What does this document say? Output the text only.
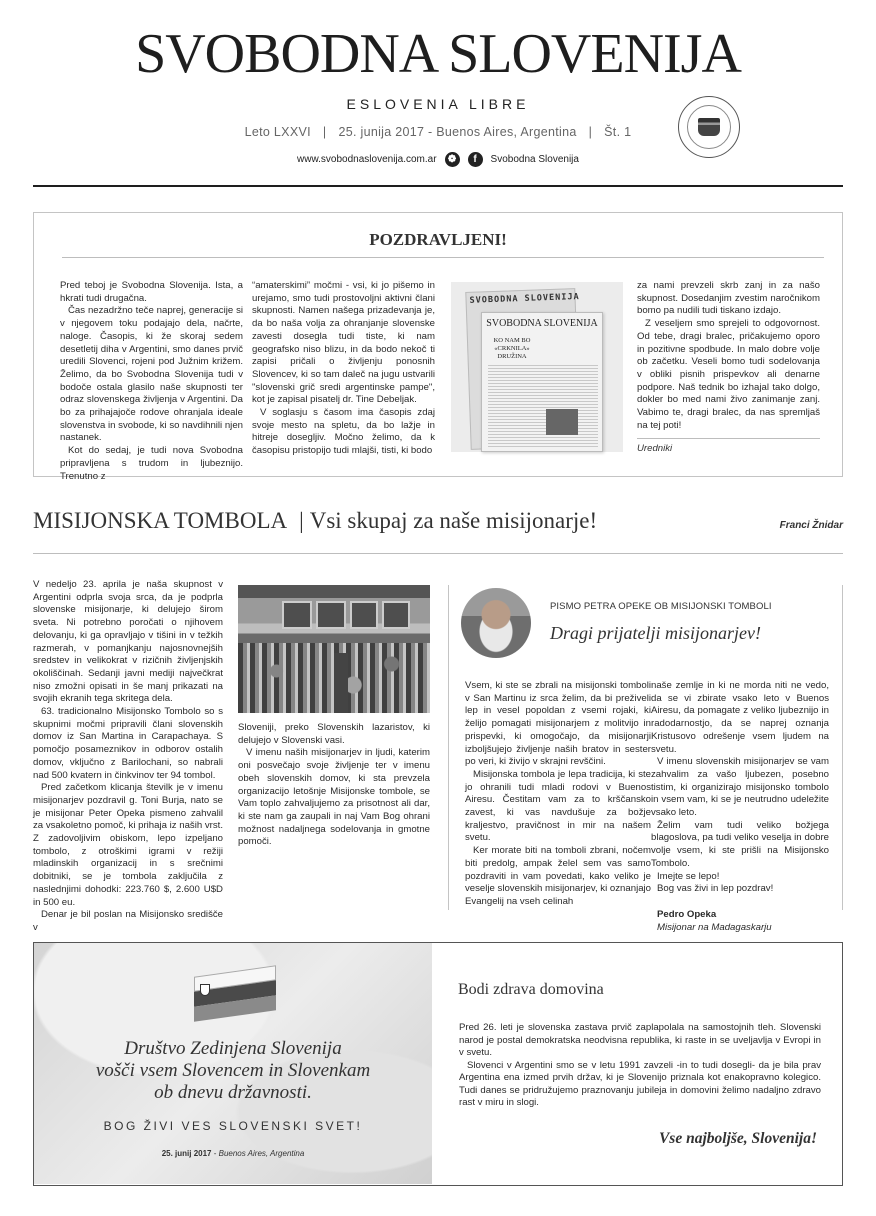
SVOBODNA SLOVENIJA
ESLOVENIA LIBRE
Leto LXXVI | 25. junija 2017 - Buenos Aires, Argentina | Št. 1
www.svobodnaslovenija.com.ar	❁	f	Svobodna Slovenija
POZDRAVLJENI!

Pred teboj je Svobodna Slovenija. Ista, a hkrati tudi drugačna.

Čas nezadržno teče naprej, generacije si v njegovem toku podajajo dela, načrte, naloge. Časopis, ki že skoraj sedem desetletij diha v Argentini, smo danes prvič uredili Slovenci, rojeni pod Južnim križem. Želimo, da bo Svobodna Slovenija tudi v bodoče ostala glasilo naše skupnosti ter odraz slovenskega življenja v Argentini. Da bo za prihajajoče rodove ohranjala ideale slovenstva in svobode, ki so navdihnili njen nastanek.

Kot do sedaj, je tudi nova Svobodna pripravljena s trudom in ljubeznijo. Trenutno z

“amaterskimi” močmi - vsi, ki jo pišemo in urejamo, smo tudi prostovoljni aktivni člani skupnosti. Namen našega prizadevanja je, da bo naša volja za ohranjanje slovenske zavesti dosegla tudi tiste, ki nam geografsko niso blizu, in da bodo nekoč ti zapisi pričali o življenju ponosnih Slovencev, ki so tam daleč na jugu ustvarili "slovenski grič sredi argentinske pampe", kot je zapisal pisatelj dr. Tine Debeljak.

V soglasju s časom ima časopis zdaj svoje mesto na spletu, da bo lažje in hitreje dosegljiv. Močno želimo, da k časopisu pristopijo tudi mlajši, tisti, ki bodo

SVOBODNA SLOVENIJA
SVOBODNA SLOVENIJA
KO NAM BO «CRKNILA» DRUŽINA

za nami prevzeli skrb zanj in za našo skupnost. Dosedanjim zvestim naročnikom bomo pa nudili tudi tiskano izdajo.

Z veseljem smo sprejeli to odgovornost. Od tebe, dragi bralec, pričakujemo oporo in pozitivne spodbude. In malo dobre volje ob začetku. Veseli bomo tudi sodelovanja v obliki pisnih prispevkov ali denarne podpore. Naš tednik bo izhajal tako dolgo, dokler bo med nami živo zanimanje zanj. Vabimo te, dragi bralec, da nas spremljaš na tej poti!

Uredniki
MISIJONSKA TOMBOLA | Vsi skupaj za naše misijonarje!	Franci Žnidar

V nedeljo 23. aprila je naša skupnost v Argentini odprla svoja srca, da je podprla slovenske misijonarje, ki delujejo širom sveta. Ni potrebno poročati o njihovem delovanju, ki ga opravljajo v tišini in v težkih razmerah, v pomanjkanju najosnovnejših sredstev in velikokrat v rizičnih življenjskih okoliščinah. Sedanji javni mediji največkrat niso zmožni opisati in še manj prikazati na svojih ekranih tega skritega dela.

63. tradicionalno Misijonsko Tombolo so s skupnimi močmi pripravili člani slovenskih domov iz San Martina in Carapachaya. S pomočjo posameznikov in odborov ostalih domov, vključno z Barilochani, so nabrali nad 500 kvatern in činkvinov ter 94 tombol.

Pred začetkom klicanja številk je v imenu misijonarjev pozdravil g. Toni Burja, nato se je misijonar Peter Opeka pismeno zahvalil za vsakoletno pomoč, ki prihaja iz naših vrst. Z zadovoljivim obiskom, lepo izpeljano tombolo, z otroškimi igrami v režiji mladinskih organizacij in s srečnimi dobitniki, se je tombola zaključila z naslednjimi dohodki: 223.760 $, 2.600 U$D in 500 eu.

Denar je bil poslan na Misijonsko središče v

Sloveniji, preko Slovenskih lazaristov, ki delujejo v Slovenski vasi.

V imenu naših misijonarjev in ljudi, katerim oni posvečajo svoje življenje ter v imenu obeh slovenskih domov, ki sta prevzela organizacijo letošnje Misijonske tombole, se Vam toplo zahvaljujemo za prisotnost ali dar, ki ste nam ga zaupali in naj Vam Bog ohrani možnost nadaljnega sodelovanja in gmotne pomoči.

PISMO PETRA OPEKE OB MISIJONSKI TOMBOLI
Dragi prijatelji misijonarjev!

Vsem, ki ste se zbrali na misijonski tomboli v San Martinu iz srca želim, da bi preživeli lep in vesel popoldan z vsemi rojaki, ki želijo pomagati misijonarjem z molitvijo in prispevki, ki omogočajo, da misijonarji izboljšujejo življenje naših bratov in sester po veri, ki živijo v skrajni revščini.

Misijonska tombola je lepa tradicija, ki ste jo ohranili tudi mladi rodovi v Buenos Airesu. Čestitam vam za to krščansko zavest, ki vas navdušuje za božje kraljestvo, pravičnost in mir na našem svetu.

Ker morate biti na tomboli zbrani, nočem biti predolg, ampak želel sem vas samo pozdraviti in vam povedati, kako veliko je veselje slovenskih misijonarjev, ki oznanjajo Evangelij na vseh celinah

naše zemlje in ki ne morda niti ne vedo, da se vi zbirate vsako leto v Buenos Airesu, da pomagate z veliko ljubeznijo in radodarnostjo, da se naprej oznanja Kristusovo odrešenje vsem ljudem na svetu.

V imenu slovenskih misijonarjev se vam zahvalim za vašo ljubezen, posebno tistim, ki organizirajo misijonsko tombolo in vsem vam, ki se je neutrudno udeležite vsako leto.

Želim vam tudi veliko božjega blagoslova, pa tudi veliko veselja in dobre volje vsem, ki ste prišli na Misijonsko Tombolo.

Imejte se lepo!

Bog vas živi in lep pozdrav!

Pedro Opeka

Misijonar na Madagaskarju

Društvo Zedinjena Slovenija
vošči vsem Slovencem in Slovenkam
ob dnevu državnosti.
BOG ŽIVI VES SLOVENSKI SVET!
25. junij 2017 - Buenos Aires, Argentina
Bodi zdrava domovina

Pred 26. leti je slovenska zastava prvič zaplapolala na samostojnih tleh. Slovenski narod je postal demokratska neodvisna republika, ki raste in se uveljavlja v Evropi in v svetu.

Slovenci v Argentini smo se v letu 1991 zavzeli -in to tudi dosegli- da je bila prav Argentina ena izmed prvih držav, ki je Slovenijo priznala kot enakopravno kolegico. Tudi danes se pridružujemo praznovanju jubileja in domovini želimo nadaljno zdravo rast v miru in slogi.

Vse najboljše, Slovenija!
